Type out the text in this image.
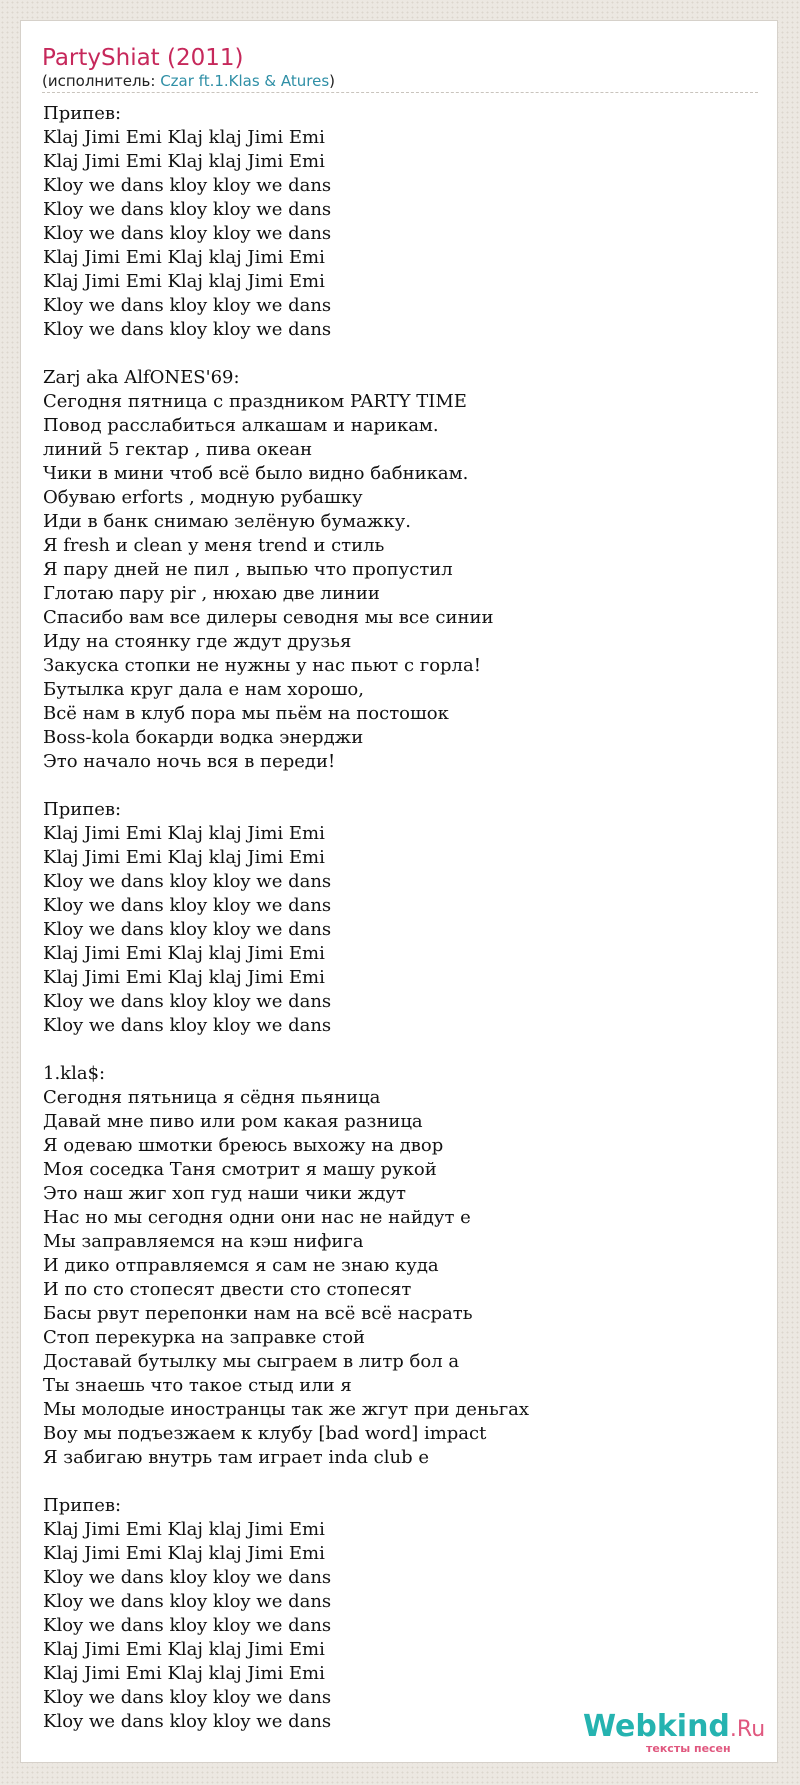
PartyShiat (2011)
(исполнитель: Czar ft.1.Klas & Atures)
Припев:
Klaj Jimi Emi Klaj klaj Jimi Emi
Klaj Jimi Emi Klaj klaj Jimi Emi
Kloy we dans kloy kloy we dans
Kloy we dans kloy kloy we dans
Kloy we dans kloy kloy we dans
Klaj Jimi Emi Klaj klaj Jimi Emi
Klaj Jimi Emi Klaj klaj Jimi Emi
Kloy we dans kloy kloy we dans
Kloy we dans kloy kloy we dans
Zarj aka AlfONES'69:
Сегодня пятница с праздником PARTY TIME
Повод расслабиться алкашам и нарикам.
линий 5 гектар , пива океан
Чики в мини чтоб всё было видно бабникам.
Обуваю erforts , модную рубашку
Иди в банк снимаю зелёную бумажку.
Я fresh и clean у меня trend и стиль
Я пару дней не пил , выпью что пропустил
Глотаю пару pir , нюхаю две линии
Спасибо вам все дилеры севодня мы все синии
Иду на стоянку где ждут друзья
Закуска стопки не нужны у нас пьют с горла!
Бутылка круг дала е нам хорошо,
Всё нам в клуб пора мы пьём на постошок
Boss-kola бокарди водка энерджи
Это начало ночь вся в переди!
Припев:
Klaj Jimi Emi Klaj klaj Jimi Emi
Klaj Jimi Emi Klaj klaj Jimi Emi
Kloy we dans kloy kloy we dans
Kloy we dans kloy kloy we dans
Kloy we dans kloy kloy we dans
Klaj Jimi Emi Klaj klaj Jimi Emi
Klaj Jimi Emi Klaj klaj Jimi Emi
Kloy we dans kloy kloy we dans
Kloy we dans kloy kloy we dans
1.kla$:
Сегодня пятьница я сёдня пьяница
Давай мне пиво или ром какая разница
Я одеваю шмотки бреюсь выхожу на двор
Моя соседка Таня смотрит я машу рукой
Это наш жиг хоп гуд наши чики ждут
Нас но мы сегодня одни они нас не найдут е
Мы заправляемся на кэш нифига
И дико отправляемся я сам не знаю куда
И по сто стопесят двести сто стопесят
Басы рвут перепонки нам на всё всё насрать
Стоп перекурка на заправке стой
Доставай бутылку мы сыграем в литр бол а
Ты знаешь что такое стыд или я
Мы молодые иностранцы так же жгут при деньгах
Воу мы подъезжаем к клубу [bad word] impact
Я забигаю внутрь там играет inda club е
Припев:
Klaj Jimi Emi Klaj klaj Jimi Emi
Klaj Jimi Emi Klaj klaj Jimi Emi
Kloy we dans kloy kloy we dans
Kloy we dans kloy kloy we dans
Kloy we dans kloy kloy we dans
Klaj Jimi Emi Klaj klaj Jimi Emi
Klaj Jimi Emi Klaj klaj Jimi Emi
Kloy we dans kloy kloy we dans
Kloy we dans kloy kloy we dans	Webkind.Ru
тексты песен
